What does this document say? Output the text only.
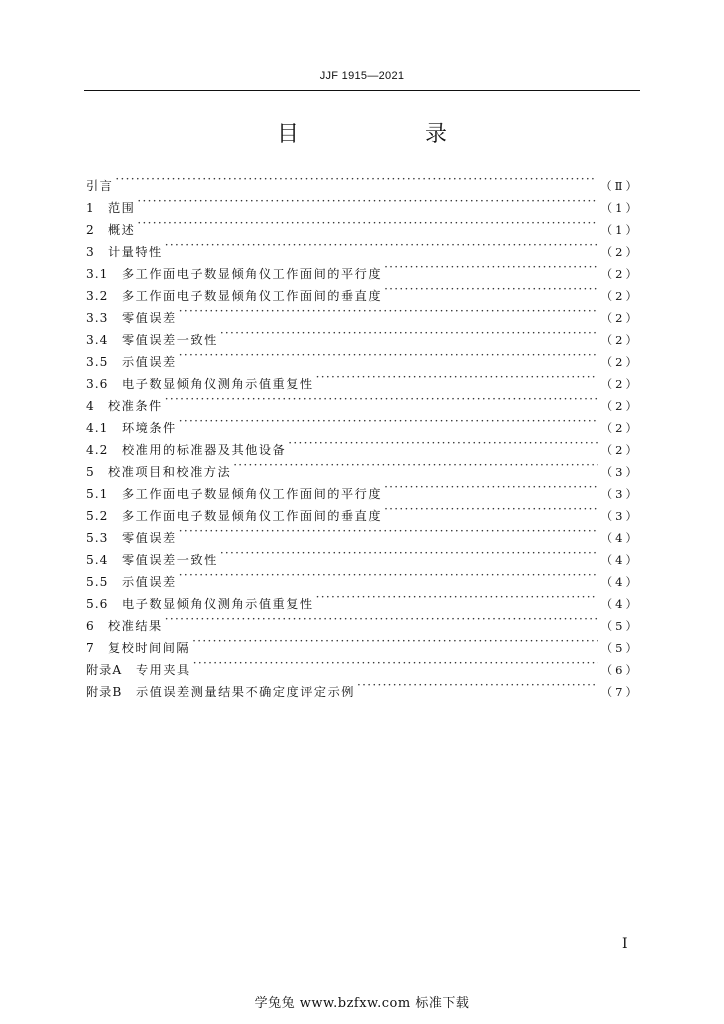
JJF 1915—2021
目　录
引言 ·····	（Ⅱ）
1	范围 ·····	（1）
2	概述 ·····	（1）
3	计量特性 ·····	（2）
3.1	多工作面电子数显倾角仪工作面间的平行度 ·····	（2）
3.2	多工作面电子数显倾角仪工作面间的垂直度 ·····	（2）
3.3	零值误差 ·····	（2）
3.4	零值误差一致性 ·····	（2）
3.5	示值误差 ·····	（2）
3.6	电子数显倾角仪测角示值重复性 ·····	（2）
4	校准条件 ·····	（2）
4.1	环境条件 ·····	（2）
4.2	校准用的标准器及其他设备 ·····	（2）
5	校准项目和校准方法 ·····	（3）
5.1	多工作面电子数显倾角仪工作面间的平行度 ·····	（3）
5.2	多工作面电子数显倾角仪工作面间的垂直度 ·····	（3）
5.3	零值误差 ·····	（4）
5.4	零值误差一致性 ·····	（4）
5.5	示值误差 ·····	（4）
5.6	电子数显倾角仪测角示值重复性 ·····	（4）
6	校准结果 ·····	（5）
7	复校时间间隔 ·····	（5）
附录A	专用夹具 ·····	（6）
附录B	示值误差测量结果不确定度评定示例 ·····	（7）
Ⅰ
学兔兔 www.bzfxw.com 标准下载
